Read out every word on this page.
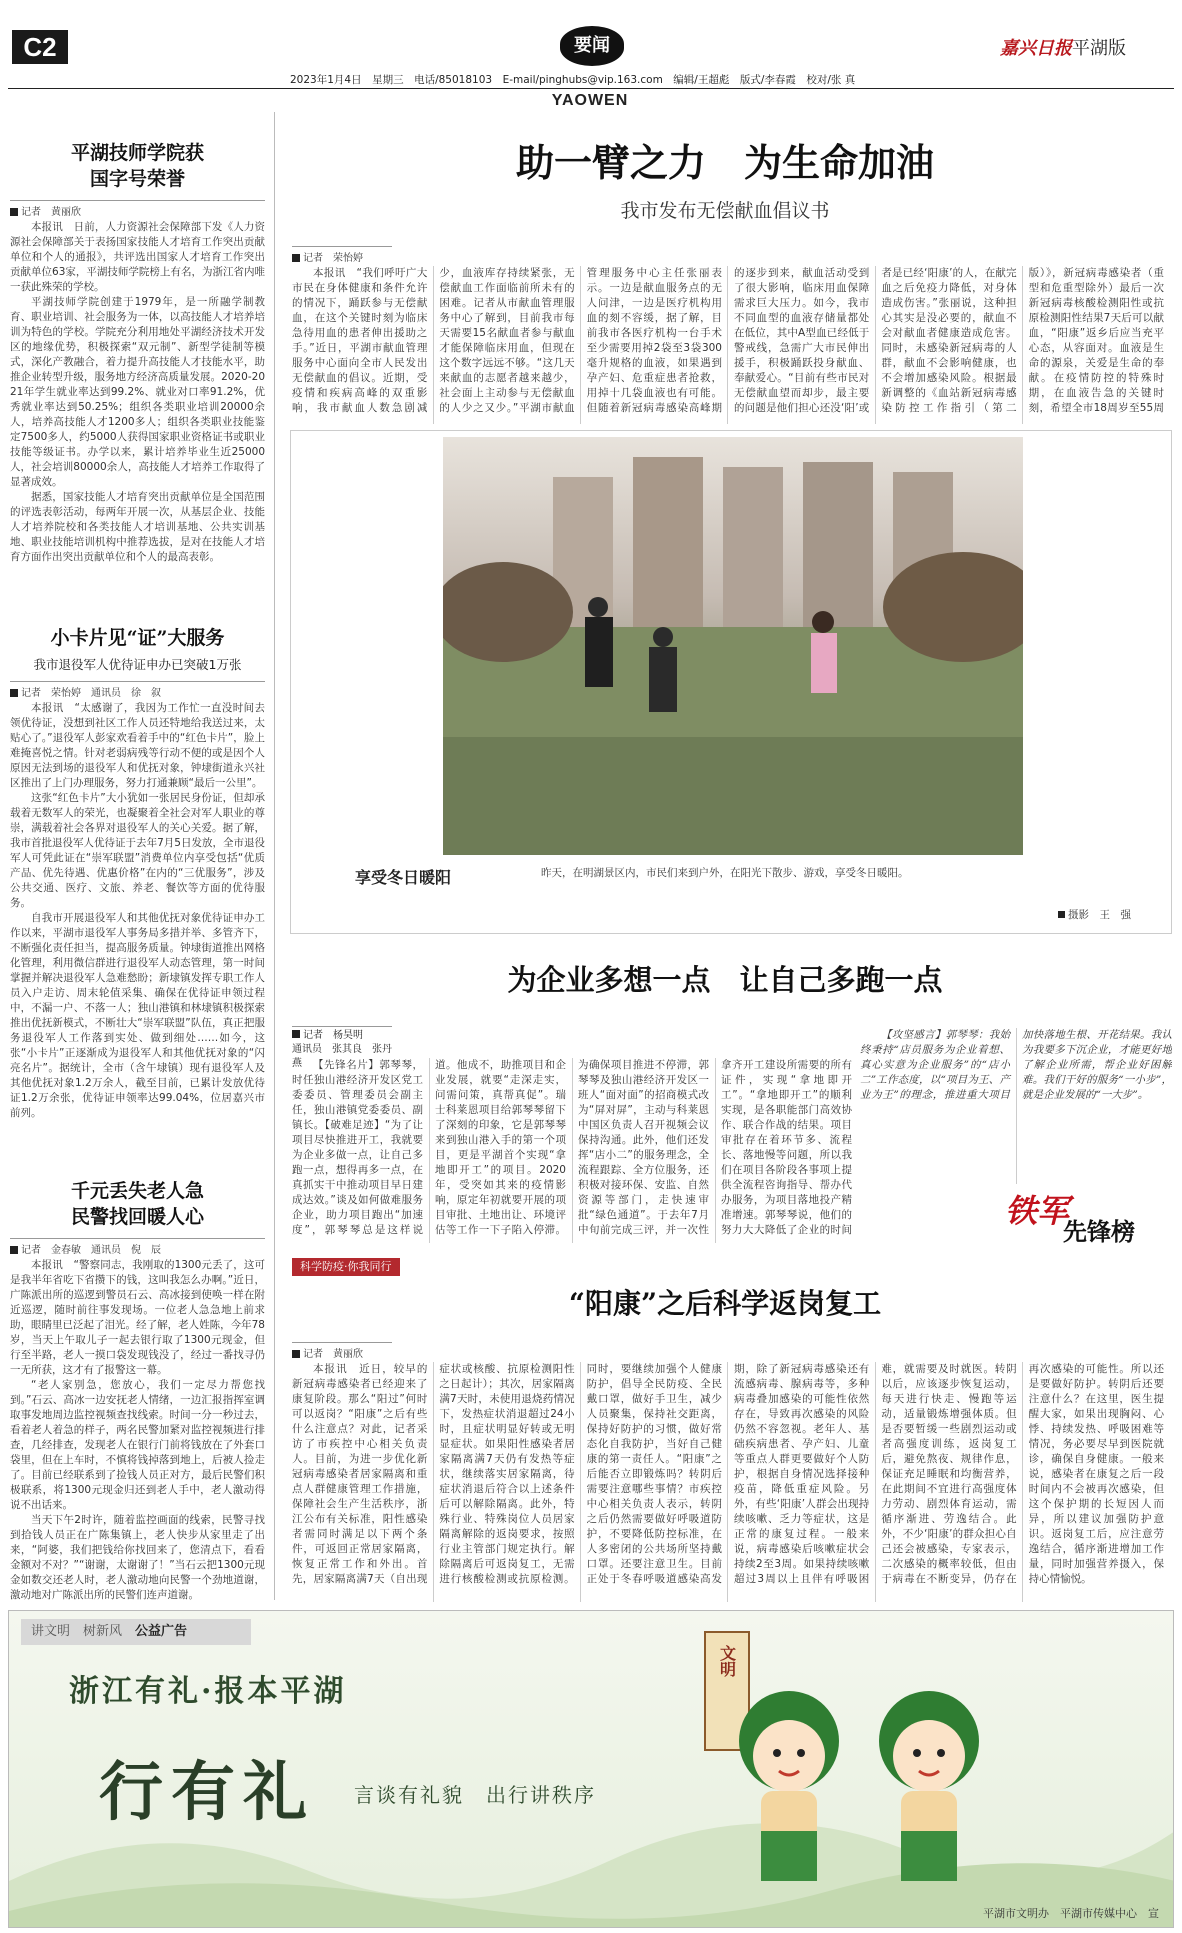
C2	要闻	嘉兴日报平湖版
2023年1月4日　星期三　电话/85018103　E-mail/pinghubs@vip.163.com　编辑/王超彪　版式/李春霞　校对/张 真
YAOWEN
平湖技师学院获
国字号荣誉
记者　黄丽欣

本报讯　日前，人力资源社会保障部下发《人力资源社会保障部关于表扬国家技能人才培育工作突出贡献单位和个人的通报》，共评选出国家人才培育工作突出贡献单位63家，平湖技师学院榜上有名，为浙江省内唯一获此殊荣的学校。

平湖技师学院创建于1979年，是一所融学制教育、职业培训、社会服务为一体，以高技能人才培养培训为特色的学校。学院充分利用地处平湖经济技术开发区的地缘优势，积极探索“双元制”、新型学徒制等模式，深化产教融合，着力提升高技能人才技能水平，助推企业转型升级，服务地方经济高质量发展。2020-2021年学生就业率达到99.2%、就业对口率91.2%，优秀就业率达到50.25%；组织各类职业培训20000余人，培养高技能人才1200多人；组织各类职业技能鉴定7500多人，约5000人获得国家职业资格证书或职业技能等级证书。办学以来，累计培养毕业生近25000人，社会培训80000余人，高技能人才培养工作取得了显著成效。

据悉，国家技能人才培育突出贡献单位是全国范围的评选表彰活动，每两年开展一次，从基层企业、技能人才培养院校和各类技能人才培训基地、公共实训基地、职业技能培训机构中推荐选拔，是对在技能人才培育方面作出突出贡献单位和个人的最高表彰。

小卡片见“证”大服务
我市退役军人优待证申办已突破1万张
记者　荣怡婷　通讯员　徐　叙

本报讯　“太感谢了，我因为工作忙一直没时间去领优待证，没想到社区工作人员还特地给我送过来，太贴心了。”退役军人彭家欢看着手中的“红色卡片”，脸上难掩喜悦之情。针对老弱病残等行动不便的或是因个人原因无法到场的退役军人和优抚对象，钟埭街道永兴社区推出了上门办理服务，努力打通兼顾“最后一公里”。

这张“红色卡片”大小犹如一张居民身份证，但却承载着无数军人的荣光，也凝聚着全社会对军人职业的尊崇，满载着社会各界对退役军人的关心关爱。据了解，我市首批退役军人优待证于去年7月5日发放，全市退役军人可凭此证在“崇军联盟”消费单位内享受包括“优质产品、优先待遇、优惠价格”在内的“三优服务”，涉及公共交通、医疗、文旅、养老、餐饮等方面的优待服务。

自我市开展退役军人和其他优抚对象优待证申办工作以来，平湖市退役军人事务局多措并举、多管齐下，不断强化责任担当，提高服务质量。钟埭街道推出网格化管理，利用微信群进行退役军人动态管理，第一时间掌握并解决退役军人急难愁盼；新埭镇发挥专职工作人员入户走访、周末轮值采集、确保在优待证申领过程中，不漏一户、不落一人；独山港镇和林埭镇积极探索推出优抚新模式，不断壮大“崇军联盟”队伍，真正把服务退役军人工作落到实处、做到细处……如今，这张“小卡片”正逐渐成为退役军人和其他优抚对象的“闪亮名片”。据统计，全市（含午埭镇）现有退役军人及其他优抚对象1.2万余人，截至目前，已累计发放优待证1.2万余张，优待证申领率达99.04%，位居嘉兴市前列。

千元丢失老人急
民警找回暖人心
记者　金春敏　通讯员　倪　辰

本报讯　“警察同志，我刚取的1300元丢了，这可是我半年省吃下省攒下的钱，这叫我怎么办啊。”近日，广陈派出所的巡逻到警员石云、高冰接到使唤一样在附近巡逻，随时前往事发现场。一位老人急急地上前求助，眼睛里已泛起了泪光。经了解，老人姓陈，今年78岁，当天上午取儿子一起去银行取了1300元现金，但行至半路，老人一摸口袋发现钱没了，经过一番找寻仍一无所获，这才有了报警这一幕。

“老人家别急，您放心，我们一定尽力帮您找到。”石云、高冰一边安抚老人情绪，一边汇报指挥室调取事发地周边监控视频查找线索。时间一分一秒过去，看着老人着急的样子，两名民警加紧对监控视频进行排查，几经排查，发现老人在银行门前将钱放在了外套口袋里，但在上车时，不慎将钱掉落到地上，后被人捡走了。目前已经联系到了捡钱人员正对方，最后民警们积极联系，将1300元现金归还到老人手中，老人激动得说不出话来。

当天下午2时许，随着监控画面的线索，民警寻找到拾钱人员正在广陈集镇上，老人快步从家里走了出来，“阿婆，我们把钱给你找回来了，您清点下，看看金额对不对？”“谢谢，太谢谢了！”当石云把1300元现金如数交还老人时，老人激动地向民警一个劲地道谢，激动地对广陈派出所的民警们连声道谢。

助一臂之力　为生命加油
我市发布无偿献血倡议书
记者　荣怡婷

本报讯　“我们呼吁广大市民在身体健康和条件允许的情况下，踊跃参与无偿献血，在这个关键时刻为临床急待用血的患者伸出援助之手。”近日，平湖市献血管理服务中心面向全市人民发出无偿献血的倡议。近期，受疫情和疾病高峰的双重影响，我市献血人数急剧减少，血液库存持续紧张，无偿献血工作面临前所未有的困难。记者从市献血管理服务中心了解到，目前我市每天需要15名献血者参与献血才能保障临床用血，但现在这个数字远远不够。“这几天来献血的志愿者越来越少，社会面上主动参与无偿献血的人少之又少。”平湖市献血管理服务中心主任张丽表示。一边是献血服务点的无人问津，一边是医疗机构用血的刻不容缓，据了解，目前我市各医疗机构一台手术至少需要用掉2袋至3袋300毫升规格的血液，如果遇到孕产妇、危重症患者抢救，用掉十几袋血液也有可能。但随着新冠病毒感染高峰期的逐步到来，献血活动受到了很大影响，临床用血保障需求巨大压力。如今，我市不同血型的血液存储量都处在低位，其中A型血已经低于警戒线，急需广大市民伸出援手，积极踊跃投身献血、奉献爱心。“目前有些市民对无偿献血望而却步，最主要的问题是他们担心还没‘阳’或者是已经‘阳康’的人，在献完血之后免疫力降低，对身体造成伤害。”张丽说，这种担心其实是没必要的，献血不会对献血者健康造成危害。同时，未感染新冠病毒的人群，献血不会影响健康，也不会增加感染风险。根据最新调整的《血站新冠病毒感染防控工作指引（第二版）》，新冠病毒感染者（重型和危重型除外）最后一次新冠病毒核酸检测阳性或抗原检测阳性结果7天后可以献血，“阳康”返乡后应当充平心态，从容面对。血液是生命的源泉，关爱是生命的奉献。在疫情防控的特殊时期，在血液告急的关键时刻，希望全市18周岁至55周

享受冬日暖阳	昨天，在明湖景区内，市民们来到户外，在阳光下散步、游戏，享受冬日暖阳。
摄影　王　强
为企业多想一点　让自己多跑一点
记者　杨昊明
通讯员　张其良　张丹燕	【先锋名片】郭琴琴，时任独山港经济开发区党工委委员、管理委员会副主任，独山港镇党委委员、副镇长。【破难足迹】“为了让项目尽快推进开工，我就要为企业多做一点，让自己多跑一点，想得再多一点，在真抓实干中推动项目早日建成达效。”谈及如何做难服务企业，助力项目跑出“加速度”，郭琴琴总是这样说道。他成不，助推项目和企业发展，就要“走深走实，问需问策，真帮真促”。瑞士科莱恩项目给郭琴琴留下了深刻的印象，它是郭琴琴来到独山港入手的第一个项目，更是平湖首个实现“拿地即开工”的项目。2020年，受突如其来的疫情影响，原定年初就要开展的项目审批、土地出让、环境评估等工作一下子陷入停滞。为确保项目推进不停滞，郭琴琴及独山港经济开发区一班人“面对面”的招商模式改为“屏对屏”，主动与科莱恩中国区负责人召开视频会议保持沟通。此外，他们还发挥“店小二”的服务理念，全流程跟踪、全方位服务，还积极对接环保、安监、自然资源等部门，走快速审批“绿色通道”。于去年7月中旬前完成三评，并一次性拿齐开工建设所需要的所有证件，实现“拿地即开工”。“拿地即开工”的顺利实现，是各职能部门高效协作、联合作战的结果。项目审批存在着环节多、流程长、落地慢等问题，所以我们在项目各阶段各事项上提供全流程咨询指导、帮办代办服务，为项目落地投产精准增速。郭琴琴说，他们的努力大大降低了企业的时间

【攻坚感言】郭琴琴：我始终秉持“店员服务为企业着想、真心实意为企业服务”的“店小二”工作态度，以“项目为王、产业为王”的理念，推进重大项目加快落地生根、开花结果。我认为我要多下沉企业，才能更好地了解企业所需，帮企业好困解难。我们干好的服务“一小步”，就是企业发展的“一大步”。

铁军
先锋榜
科学防疫·你我同行
“阳康”之后科学返岗复工
记者　黄丽欣

本报讯　近日，较早的新冠病毒感染者已经迎来了康复阶段。那么“阳过”何时可以返岗？“阳康”之后有些什么注意点？对此，记者采访了市疾控中心相关负责人。目前，为进一步优化新冠病毒感染者居家隔离和重点人群健康管理工作措施，保障社会生产生活秩序，浙江公布有关标准，阳性感染者需同时满足以下两个条件，可返回正常居家隔离，恢复正常工作和外出。首先，居家隔离满7天（自出现症状或核酸、抗原检测阳性之日起计）；其次，居家隔离满7天时，未使用退烧药情况下，发热症状消退超过24小时，且症状明显好转或无明显症状。如果阳性感染者居家隔离满7天仍有发热等症状，继续落实居家隔离，待症状消退后符合以上述条件后可以解除隔离。此外，特殊行业、特殊岗位人员居家隔离解除的返岗要求，按照行业主管部门规定执行。解除隔离后可返岗复工，无需进行核酸检测或抗原检测。同时，要继续加强个人健康防护，倡导全民防疫、全民戴口罩，做好手卫生，减少人员聚集，保持社交距离，保持好防护的习惯，做好常态化自我防护，当好自己健康的第一责任人。“阳康”之后能否立即锻炼吗？转阴后需要注意哪些事情？市疾控中心相关负责人表示，转阴之后仍然需要做好呼吸道防护，不要降低防控标准，在人多密闭的公共场所坚持戴口罩。还要注意卫生。目前正处于冬春呼吸道感染高发期，除了新冠病毒感染还有流感病毒、腺病毒等，多种病毒叠加感染的可能性依然存在，导致再次感染的风险仍然不容忽视。老年人、基础疾病患者、孕产妇、儿童等重点人群更要做好个人防护，根据自身情况选择接种疫苗，降低重症风险。另外，有些‘阳康’人群会出现持续咳嗽、乏力等症状，这是正常的康复过程。一般来说，病毒感染后咳嗽症状会持续2至3周。如果持续咳嗽超过3周以上且伴有呼吸困难，就需要及时就医。转阴以后，应该逐步恢复运动，每天进行快走、慢跑等运动，适量锻炼增强体质。但是否要暂缓一些剧烈运动或者高强度训练，返岗复工后，避免熬夜、规律作息，保证充足睡眠和均衡营养，在此期间不宜进行高强度体力劳动、剧烈体育运动，需循序渐进、劳逸结合。此外，不少‘阳康’的群众担心自己还会被感染，专家表示，二次感染的概率较低，但由于病毒在不断变异，仍存在再次感染的可能性。所以还是要做好防护。转阴后还要注意什么？在这里，医生提醒大家，如果出现胸闷、心悸、持续发热、呼吸困难等情况，务必要尽早到医院就诊，确保自身健康。一般来说，感染者在康复之后一段时间内不会被再次感染，但这个保护期的长短因人而异，所以建议加强防护意识。返岗复工后，应注意劳逸结合，循序渐进增加工作量，同时加强营养摄入，保持心情愉悦。

讲文明　树新风　 公益广告
浙江有礼·报本平湖
行有礼 言谈有礼貌　出行讲秩序
文明
平湖市文明办　平湖市传媒中心　宣
